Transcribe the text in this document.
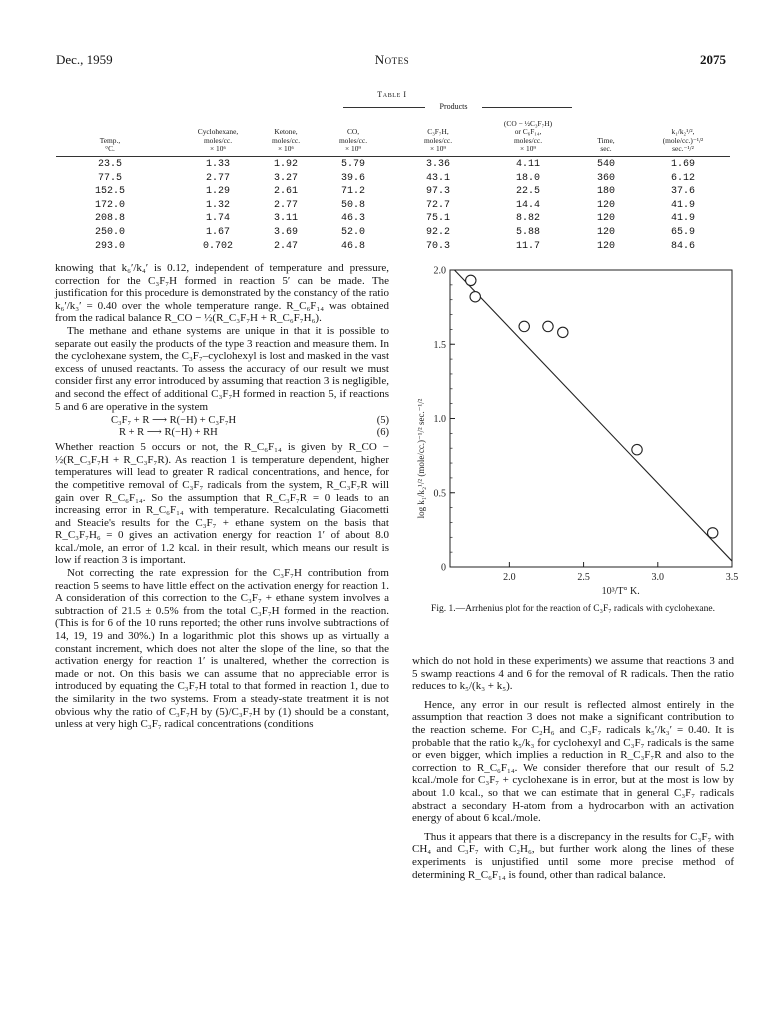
Dec., 1959	Notes	2075
Table I
Products
Temp.,
°C.
Cyclohexane,
moles/cc.
× 10⁶
Ketone,
moles/cc.
× 10⁶
CO,
moles/cc.
× 10⁹
C₃F₇H,
moles/cc.
× 10⁹
(CO − ½C₃F₇H)
or C₆F₁₄,
moles/cc.
× 10⁹
Time,
sec.
k₁/k₂¹/²,
(mole/cc.)⁻¹/²
sec.⁻¹/²
23.5	1.33	1.92	5.79	3.36	4.11	540	1.69
77.5	2.77	3.27	39.6	43.1	18.0	360	6.12
152.5	1.29	2.61	71.2	97.3	22.5	180	37.6
172.0	1.32	2.77	50.8	72.7	14.4	120	41.9
208.8	1.74	3.11	46.3	75.1	8.82	120	41.9
250.0	1.67	3.69	52.0	92.2	5.88	120	65.9
293.0	0.702	2.47	46.8	70.3	11.7	120	84.6

knowing that k₆′/k₄′ is 0.12, independent of temperature and pressure, correction for the C₃F₇H formed in reaction 5′ can be made. The justification for this procedure is demonstrated by the constancy of the ratio k₆′/k₃′ = 0.40 over the whole temperature range. R_C₆F₁₄ was obtained from the radical balance R_CO − ½(R_C₃F₇H + R_C₆F₇H₆).

The methane and ethane systems are unique in that it is possible to separate out easily the products of the type 3 reaction and measure them. In the cyclohexane system, the C₃F₇–cyclohexyl is lost and masked in the vast excess of unused reactants. To assess the accuracy of our result we must consider first any error introduced by assuming that reaction 3 is negligible, and second the effect of additional C₃F₇H formed in reaction 5, if reactions 5 and 6 are operative in the system

C₃F₇ + R ⟶ R(−H) + C₃F₇H	(5)
R + R ⟶ R(−H) + RH	(6)

Whether reaction 5 occurs or not, the R_C₆F₁₄ is given by R_CO − ½(R_C₃F₇H + R_C₃F₇R). As reaction 1 is temperature dependent, higher temperatures will lead to greater R radical concentrations, and hence, for the competitive removal of C₃F₇ radicals from the system, R_C₃F₇R will gain over R_C₆F₁₄. So the assumption that R_C₃F₇R = 0 leads to an increasing error in R_C₆F₁₄ with temperature. Recalculating Giacometti and Steacie's results for the C₃F₇ + ethane system on the basis that R_C₃F₇H₆ = 0 gives an activation energy for reaction 1′ of about 8.0 kcal./mole, an error of 1.2 kcal. in their result, which means our result is low if reaction 3 is important.

Not correcting the rate expression for the C₃F₇H contribution from reaction 5 seems to have little effect on the activation energy for reaction 1. A consideration of this correction to the C₃F₇ + ethane system involves a subtraction of 21.5 ± 0.5% from the total C₃F₇H formed in the reaction. (This is for 6 of the 10 runs reported; the other runs involve subtractions of 14, 19, 19 and 30%.) In a logarithmic plot this shows up as virtually a constant increment, which does not alter the slope of the line, so that the activation energy for reaction 1′ is unaltered, whether the correction is made or not. On this basis we can assume that no appreciable error is introduced by equating the C₃F₇H total to that formed in reaction 1, due to the similarity in the two systems. From a steady-state treatment it is not obvious why the ratio of C₃F₇H by (5)/C₃F₇H by (1) should be a constant, unless at very high C₃F₇ radical concentrations (conditions

0
0.5
1.0
1.5
2.0
2.0	2.5	3.0	3.5
10³/T° K.
log k₁/k₂¹/² (mole/cc.)⁻¹/² sec.⁻¹/²
Fig. 1.—Arrhenius plot for the reaction of C₃F₇ radicals with cyclohexane.

which do not hold in these experiments) we assume that reactions 3 and 5 swamp reactions 4 and 6 for the removal of R radicals. Then the ratio reduces to k₅/(k₃ + k₅).

Hence, any error in our result is reflected almost entirely in the assumption that reaction 3 does not make a significant contribution to the reaction scheme. For C₂H₆ and C₃F₇ radicals k₅′/k₃′ = 0.40. It is probable that the ratio k₅/k₃ for cyclohexyl and C₃F₇ radicals is the same or even bigger, which implies a reduction in R_C₃F₇R and also to the correction to R_C₆F₁₄. We consider therefore that our result of 5.2 kcal./mole for C₃F₇ + cyclohexane is in error, but at the most is low by about 1.0 kcal., so that we can estimate that in general C₃F₇ radicals abstract a secondary H-atom from a hydrocarbon with an activation energy of about 6 kcal./mole.

Thus it appears that there is a discrepancy in the results for C₃F₇ with CH₄ and C₃F₇ with C₂H₆, but further work along the lines of these experiments is unjustified until some more precise method of determining R_C₆F₁₄ is found, other than radical balance.
